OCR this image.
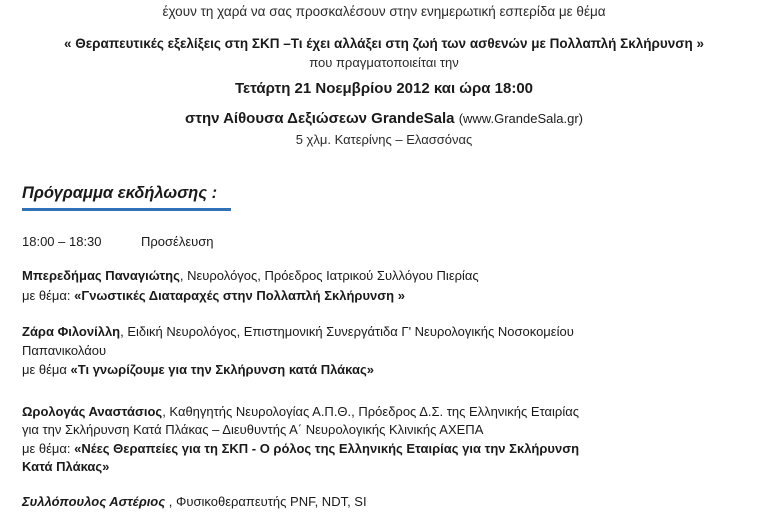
έχουν τη χαρά να σας προσκαλέσουν στην ενημερωτική εσπερίδα με θέμα
« Θεραπευτικές εξελίξεις στη ΣΚΠ –Τι έχει αλλάξει στη ζωή των ασθενών με Πολλαπλή Σκλήρυνση »
που πραγματοποιείται την
Τετάρτη 21 Νοεμβρίου 2012 και ώρα 18:00
στην Αίθουσα Δεξιώσεων GrandeSala (www.GrandeSala.gr)
5 χλμ. Κατερίνης – Ελασσόνας
Πρόγραμμα εκδήλωσης :
18:00 – 18:30	Προσέλευση
Μπερεδήμας Παναγιώτης, Νευρολόγος, Πρόεδρος Ιατρικού Συλλόγου Πιερίας
με θέμα: «Γνωστικές Διαταραχές στην Πολλαπλή Σκλήρυνση »
Ζάρα Φιλονίλλη, Ειδική Νευρολόγος, Επιστημονική Συνεργάτιδα Γ' Νευρολογικής Νοσοκομείου
Παπανικολάου
με θέμα «Τι γνωρίζουμε για την Σκλήρυνση κατά Πλάκας»
Ωρολογάς Αναστάσιος, Καθηγητής Νευρολογίας Α.Π.Θ., Πρόεδρος Δ.Σ. της Ελληνικής Εταιρίας
για την Σκλήρυνση Κατά Πλάκας – Διευθυντής Α΄ Νευρολογικής Κλινικής ΑΧΕΠΑ
με θέμα: «Νέες Θεραπείες για τη ΣΚΠ - Ο ρόλος της Ελληνικής Εταιρίας για την Σκλήρυνση
Κατά Πλάκας»
Συλλόπουλος Αστέριος , Φυσικοθεραπευτής PNF, NDT, SI
